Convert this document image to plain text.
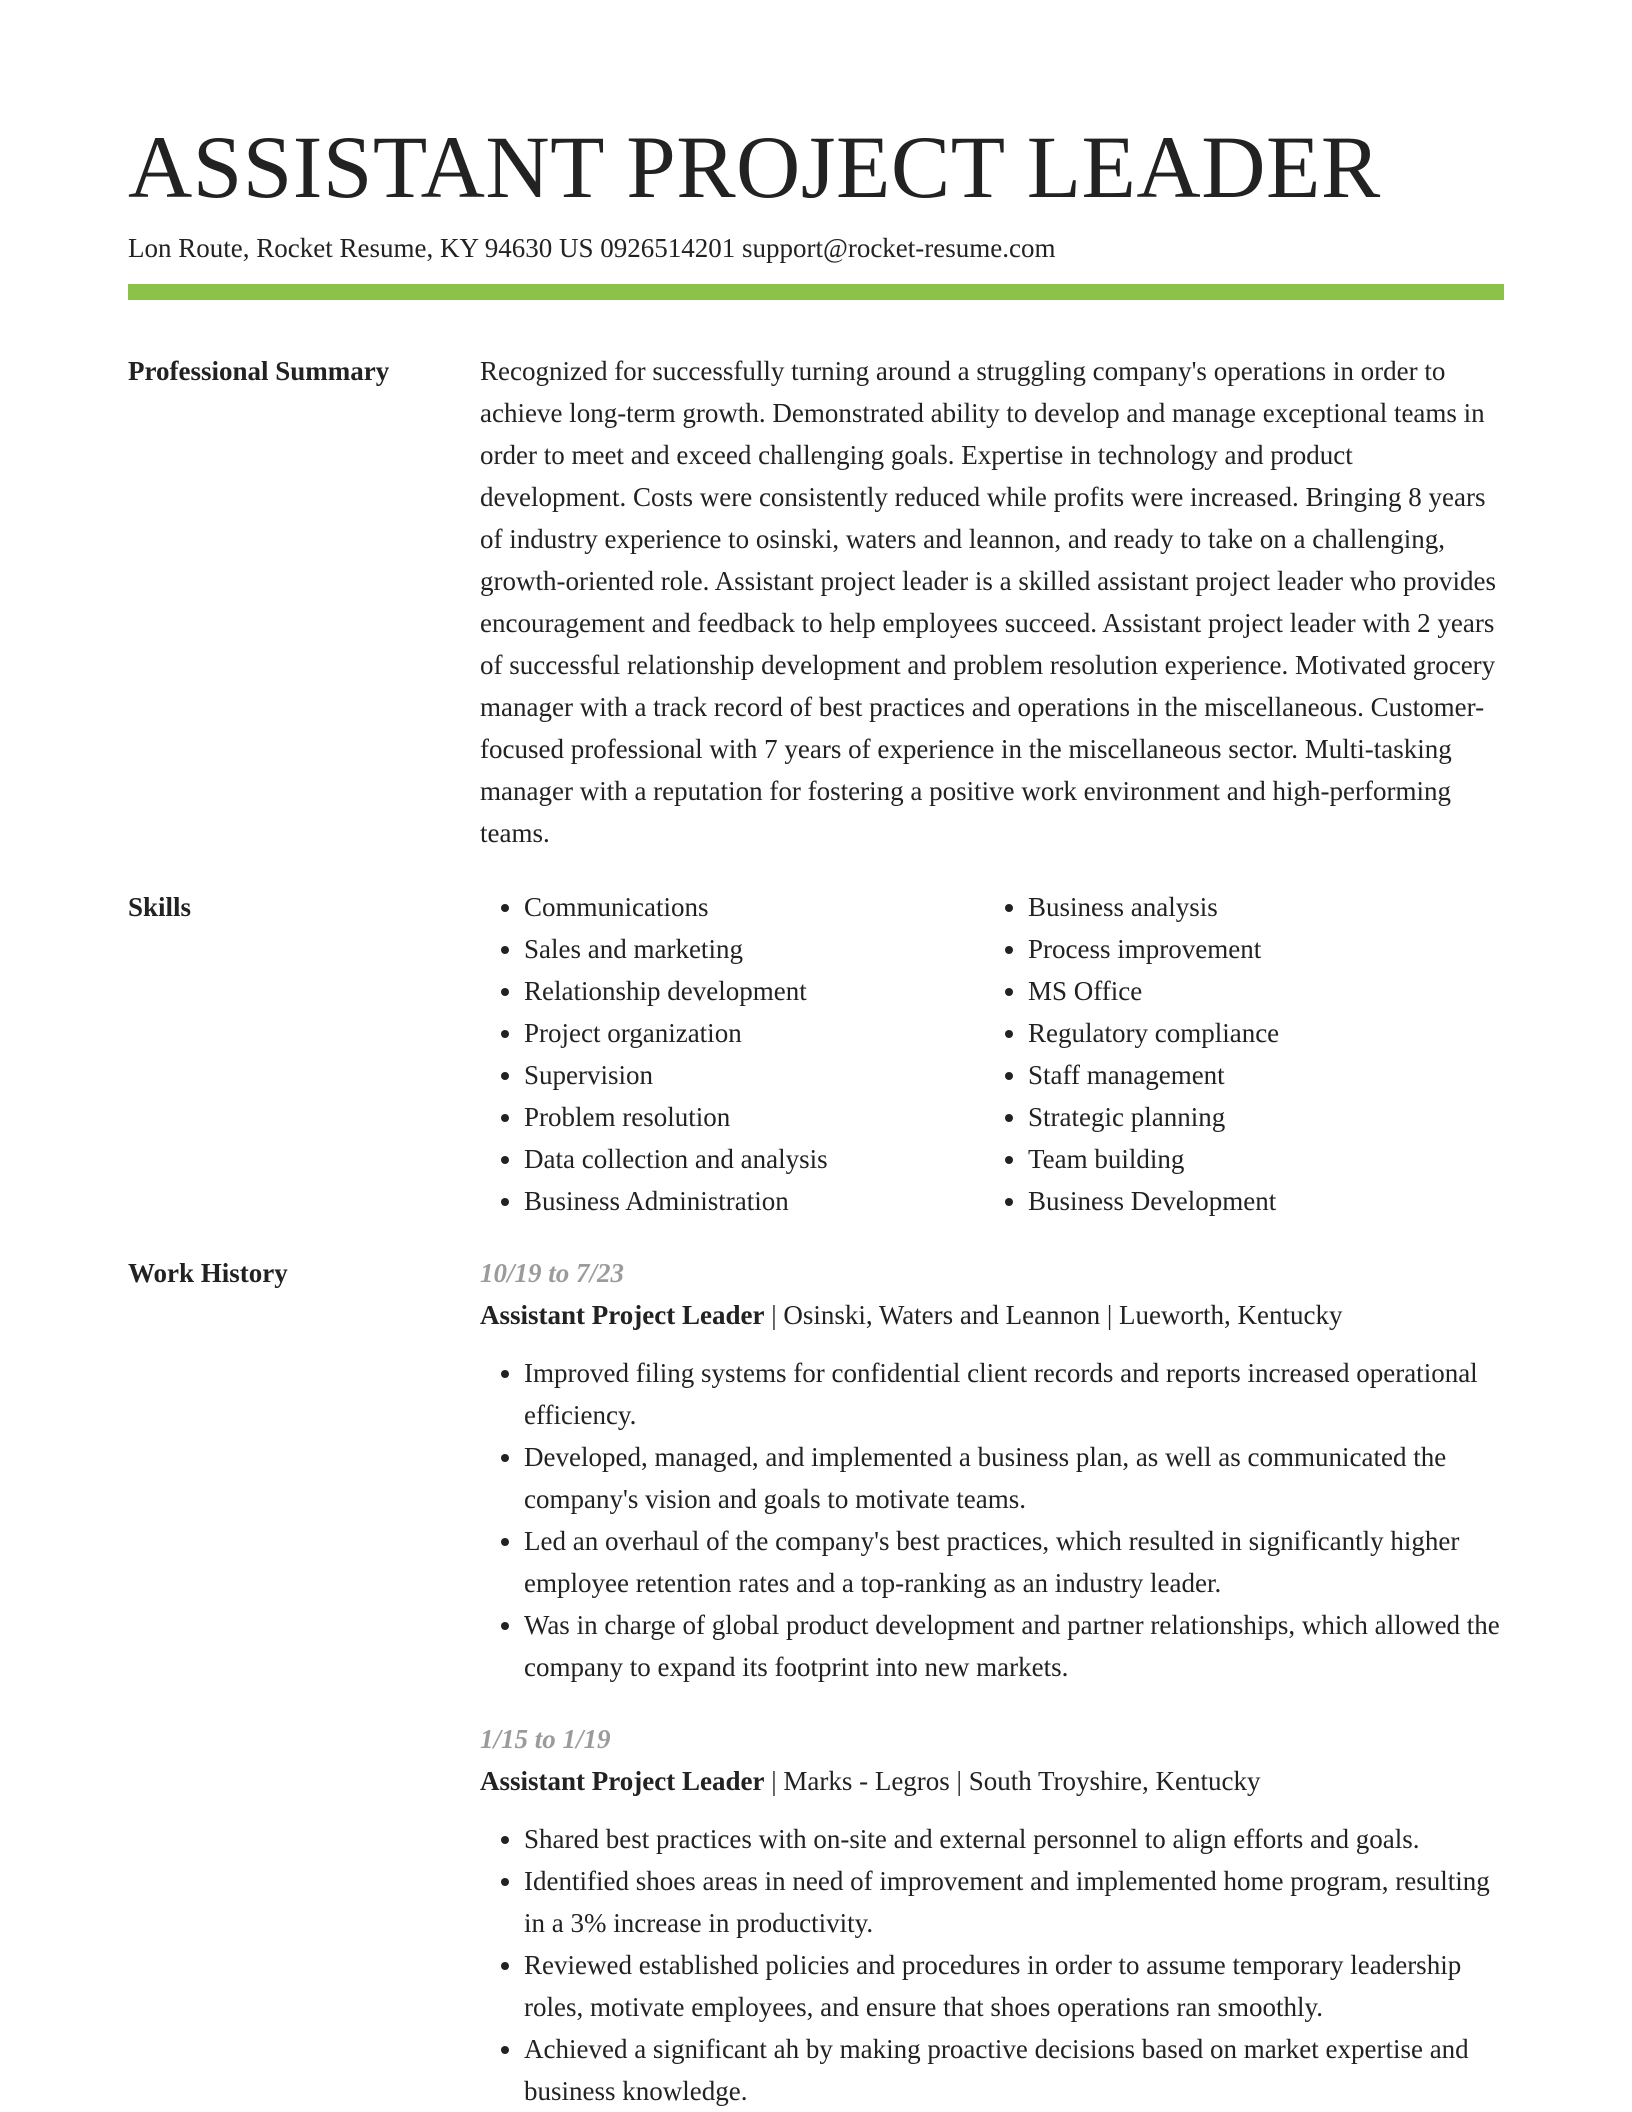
ASSISTANT PROJECT LEADER
Lon Route, Rocket Resume, KY 94630 US 0926514201 support@rocket-resume.com
Professional Summary	Recognized for successfully turning around a struggling company's operations in order to achieve long-term growth. Demonstrated ability to develop and manage exceptional teams in order to meet and exceed challenging goals. Expertise in technology and product development. Costs were consistently reduced while profits were increased. Bringing 8 years of industry experience to osinski, waters and leannon, and ready to take on a challenging, growth-oriented role. Assistant project leader is a skilled assistant project leader who provides encouragement and feedback to help employees succeed. Assistant project leader with 2 years of successful relationship development and problem resolution experience. Motivated grocery manager with a track record of best practices and operations in the miscellaneous. Customer-focused professional with 7 years of experience in the miscellaneous sector. Multi-tasking manager with a reputation for fostering a positive work environment and high-performing teams.

Skills
•	Communications
• Sales and marketing
• Relationship development
• Project organization
• Supervision
• Problem resolution
• Data collection and analysis
• Business Administration
• Business analysis
• Process improvement
• MS Office
• Regulatory compliance
• Staff management
• Strategic planning
• Team building
• Business Development
Work History	10/19 to 7/23
Assistant Project Leader | Osinski, Waters and Leannon | Lueworth, Kentucky
• Improved filing systems for confidential client records and reports increased operational efficiency.
• Developed, managed, and implemented a business plan, as well as communicated the company's vision and goals to motivate teams.
• Led an overhaul of the company's best practices, which resulted in significantly higher employee retention rates and a top-ranking as an industry leader.
• Was in charge of global product development and partner relationships, which allowed the company to expand its footprint into new markets.
1/15 to 1/19
Assistant Project Leader | Marks - Legros | South Troyshire, Kentucky
• Shared best practices with on-site and external personnel to align efforts and goals.
• Identified shoes areas in need of improvement and implemented home program, resulting in a 3% increase in productivity.
• Reviewed established policies and procedures in order to assume temporary leadership roles, motivate employees, and ensure that shoes operations ran smoothly.
• Achieved a significant ah by making proactive decisions based on market expertise and business knowledge.
